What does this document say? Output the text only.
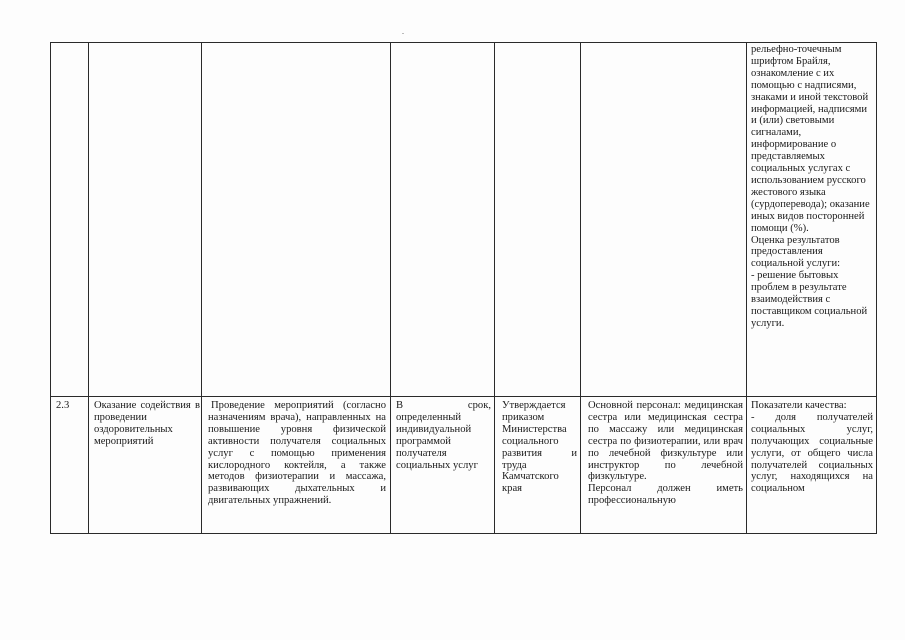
рельефно-точечным шрифтом Брайля, ознакомление с их помощью с надписями, знаками и иной текстовой информацией, надписями и (или) световыми сигналами, информирование о представляемых социальных услугах с использованием русского жестового языка (сурдоперевода); оказание иных видов посторонней помощи (%).
Оценка результатов предоставления социальной услуги:
- решение бытовых проблем в результате взаимодействия с поставщиком социальной услуги.
2.3	Оказание содействия в проведении оздоровительных мероприятий
Проведение мероприятий (согласно назначениям врача), направленных на повышение уровня физической активности получателя социальных услуг с помощью применения кислородного коктейля, а также методов физиотерапии и массажа, развивающих дыхательных и двигательных упражнений.
В срок, определенный индивидуальной программой получателя социальных услуг
Утверждается приказом Министерства социального развития и труда Камчатского края
Основной персонал: медицинская сестра или медицинская сестра по массажу или медицинская сестра по физиотерапии, или врач по лечебной физкультуре или инструктор по лечебной физкультуре.
Персонал должен иметь профессиональную
Показатели качества:
- доля получателей социальных услуг, получающих социальные услуги, от общего числа получателей социальных услуг, находящихся на социальном
